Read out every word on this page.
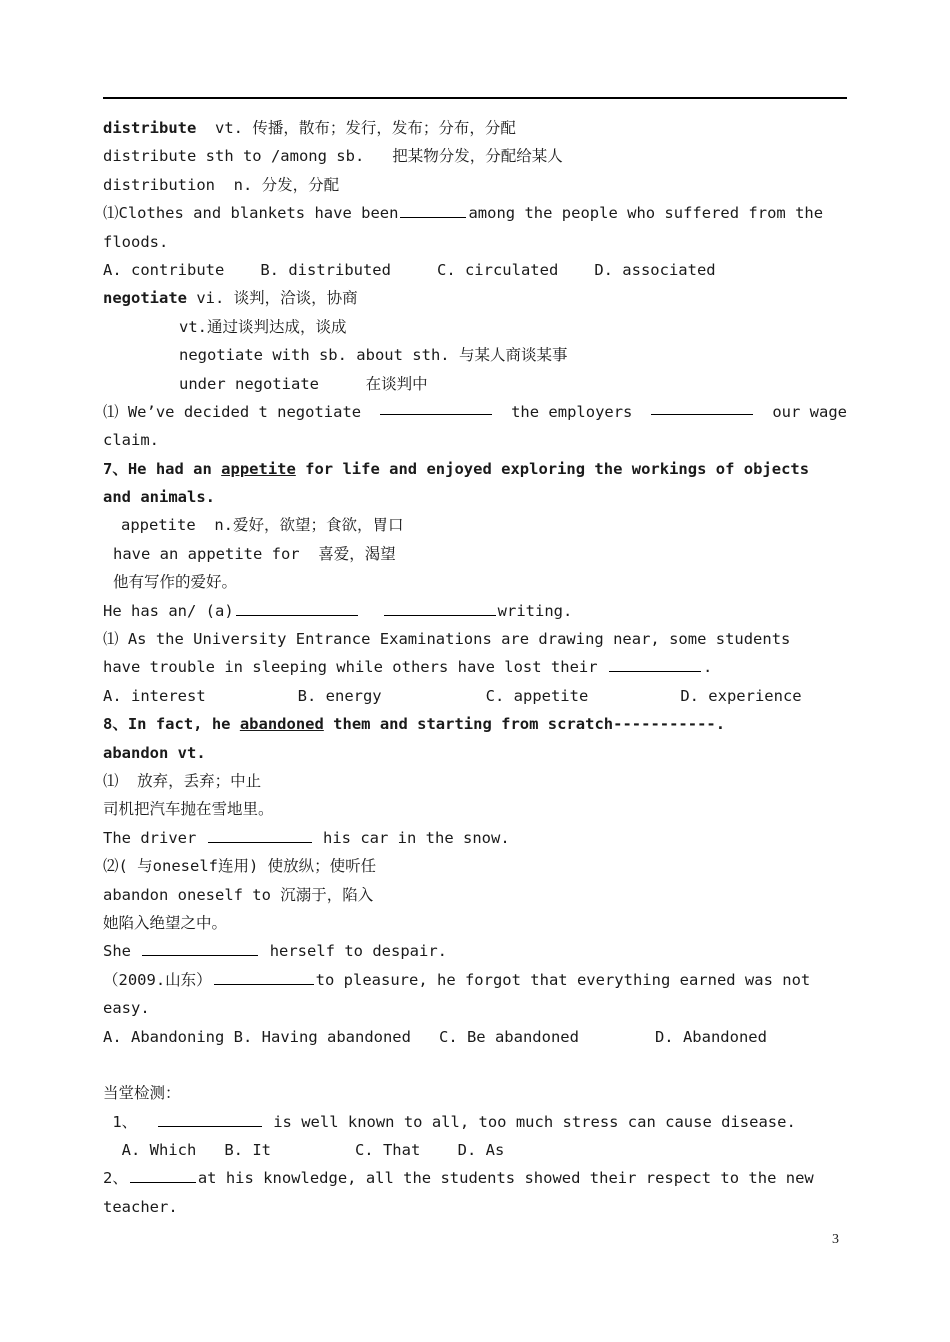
distribute  vt. 传播，散布；发行，发布；分布，分配
distribute sth to /among sb.   把某物分发，分配给某人
distribution  n. 分发，分配
⑴Clothes and blankets have been	among the people who suffered from the
floods.
A. contribute B. distributed	C. circulated D. associated
negotiate vi. 谈判，洽谈，协商
vt.通过谈判达成，谈成
negotiate with sb. about sth. 与某人商谈某事
under negotiate     在谈判中
⑴ We’ve decided t negotiate	the employers	our wage
claim.
7、He had an appetite for life and enjoyed exploring the workings of objects
and animals.
appetite  n.爱好，欲望；食欲，胃口
have an appetite for  喜爱，渴望
他有写作的爱好。
He has an/ (a)	writing.
⑴ As the University Entrance Examinations are drawing near, some students
have trouble in sleeping while others have lost their	.
A. interest	B. energy	C. appetite	D. experience
8、In fact, he abandoned them and starting from scratch-----------.
abandon vt.
⑴  放弃，丢弃；中止
司机把汽车抛在雪地里。
The driver	his car in the snow.
⑵( 与oneself连用) 使放纵；使听任
abandon oneself to 沉溺于，陷入
她陷入绝望之中。
She	herself to despair.
（2009.山东）	to pleasure, he forgot that everything earned was not
easy.
A. Abandoning B. Having abandoned C. Be abandoned	D. Abandoned
当堂检测：
1、	is well known to all, too much stress can cause disease.
A. Which   B. It         C. That    D. As
2、	at his knowledge, all the students showed their respect to the new
teacher.
3
